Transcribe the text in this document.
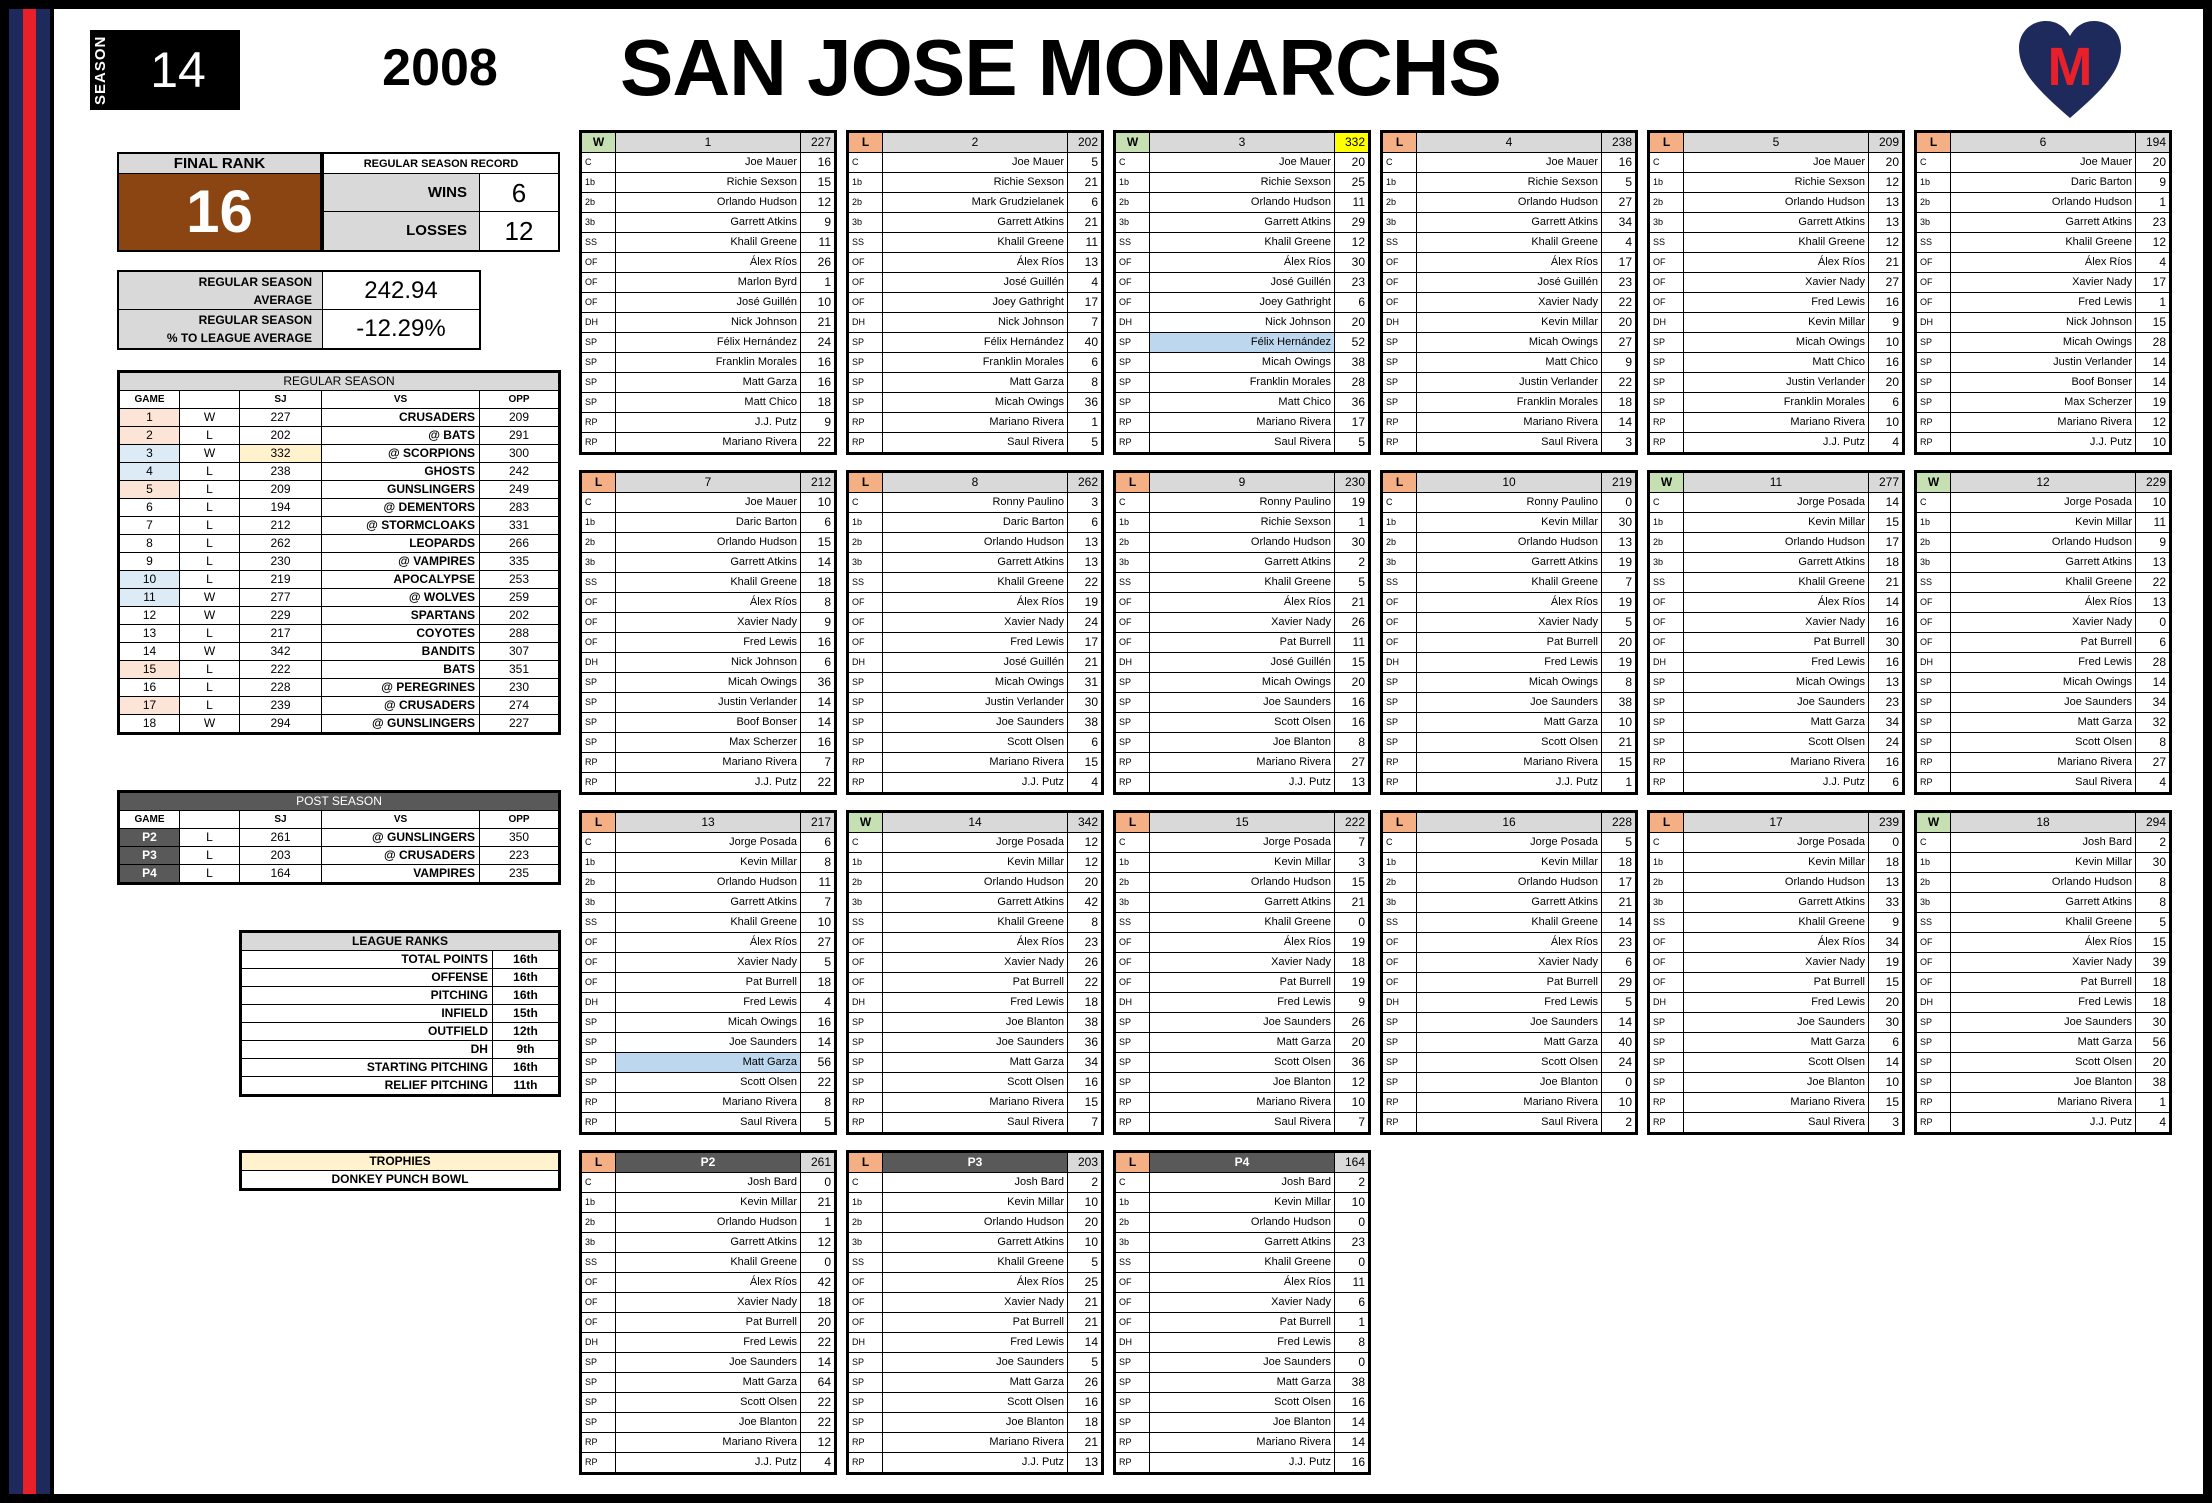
SEASON 14	2008 SAN JOSE MONARCHS	M
FINAL RANK
16
REGULAR SEASON RECORD
WINS	6
LOSSES	12
REGULAR SEASON
AVERAGE	242.94
REGULAR SEASON
% TO LEAGUE AVERAGE	-12.29%
REGULAR SEASON				
GAME		SJ	VS	OPP
1	W	227	CRUSADERS	209
2	L	202	@ BATS	291
3	W	332	@ SCORPIONS	300
4	L	238	GHOSTS	242
5	L	209	GUNSLINGERS	249
6	L	194	@ DEMENTORS	283
7	L	212	@ STORMCLOAKS	331
8	L	262	LEOPARDS	266
9	L	230	@ VAMPIRES	335
10	L	219	APOCALYPSE	253
11	W	277	@ WOLVES	259
12	W	229	SPARTANS	202
13	L	217	COYOTES	288
14	W	342	BANDITS	307
15	L	222	BATS	351
16	L	228	@ PEREGRINES	230
17	L	239	@ CRUSADERS	274
18	W	294	@ GUNSLINGERS	227
POST SEASON				
GAME		SJ	VS	OPP
P2	L	261	@ GUNSLINGERS	350
P3	L	203	@ CRUSADERS	223
P4	L	164	VAMPIRES	235
LEAGUE RANKS	
TOTAL POINTS	16th
OFFENSE	16th
PITCHING	16th
INFIELD	15th
OUTFIELD	12th
DH	9th
STARTING PITCHING	16th
RELIEF PITCHING	11th
TROPHIES
DONKEY PUNCH BOWL
W	1	227
C	Joe Mauer	16
1b	Richie Sexson	15
2b	Orlando Hudson	12
3b	Garrett Atkins	9
SS	Khalil Greene	11
OF	Álex Ríos	26
OF	Marlon Byrd	1
OF	José Guillén	10
DH	Nick Johnson	21
SP	Félix Hernández	24
SP	Franklin Morales	16
SP	Matt Garza	16
SP	Matt Chico	18
RP	J.J. Putz	9
RP	Mariano Rivera	22
L	2	202
C	Joe Mauer	5
1b	Richie Sexson	21
2b	Mark Grudzielanek	6
3b	Garrett Atkins	21
SS	Khalil Greene	11
OF	Álex Ríos	13
OF	José Guillén	4
OF	Joey Gathright	17
DH	Nick Johnson	7
SP	Félix Hernández	40
SP	Franklin Morales	6
SP	Matt Garza	8
SP	Micah Owings	36
RP	Mariano Rivera	1
RP	Saul Rivera	5
W	3	332
C	Joe Mauer	20
1b	Richie Sexson	25
2b	Orlando Hudson	11
3b	Garrett Atkins	29
SS	Khalil Greene	12
OF	Álex Ríos	30
OF	José Guillén	23
OF	Joey Gathright	6
DH	Nick Johnson	20
SP	Félix Hernández	52
SP	Micah Owings	38
SP	Franklin Morales	28
SP	Matt Chico	36
RP	Mariano Rivera	17
RP	Saul Rivera	5
L	4	238
C	Joe Mauer	16
1b	Richie Sexson	5
2b	Orlando Hudson	27
3b	Garrett Atkins	34
SS	Khalil Greene	4
OF	Álex Ríos	17
OF	José Guillén	23
OF	Xavier Nady	22
DH	Kevin Millar	20
SP	Micah Owings	27
SP	Matt Chico	9
SP	Justin Verlander	22
SP	Franklin Morales	18
RP	Mariano Rivera	14
RP	Saul Rivera	3
L	5	209
C	Joe Mauer	20
1b	Richie Sexson	12
2b	Orlando Hudson	13
3b	Garrett Atkins	13
SS	Khalil Greene	12
OF	Álex Ríos	21
OF	Xavier Nady	27
OF	Fred Lewis	16
DH	Kevin Millar	9
SP	Micah Owings	10
SP	Matt Chico	16
SP	Justin Verlander	20
SP	Franklin Morales	6
RP	Mariano Rivera	10
RP	J.J. Putz	4
L	6	194
C	Joe Mauer	20
1b	Daric Barton	9
2b	Orlando Hudson	1
3b	Garrett Atkins	23
SS	Khalil Greene	12
OF	Álex Ríos	4
OF	Xavier Nady	17
OF	Fred Lewis	1
DH	Nick Johnson	15
SP	Micah Owings	28
SP	Justin Verlander	14
SP	Boof Bonser	14
SP	Max Scherzer	19
RP	Mariano Rivera	12
RP	J.J. Putz	10
L	7	212
C	Joe Mauer	10
1b	Daric Barton	6
2b	Orlando Hudson	15
3b	Garrett Atkins	14
SS	Khalil Greene	18
OF	Álex Ríos	8
OF	Xavier Nady	9
OF	Fred Lewis	16
DH	Nick Johnson	6
SP	Micah Owings	36
SP	Justin Verlander	14
SP	Boof Bonser	14
SP	Max Scherzer	16
RP	Mariano Rivera	7
RP	J.J. Putz	22
L	8	262
C	Ronny Paulino	3
1b	Daric Barton	6
2b	Orlando Hudson	13
3b	Garrett Atkins	13
SS	Khalil Greene	22
OF	Álex Ríos	19
OF	Xavier Nady	24
OF	Fred Lewis	17
DH	José Guillén	21
SP	Micah Owings	31
SP	Justin Verlander	30
SP	Joe Saunders	38
SP	Scott Olsen	6
RP	Mariano Rivera	15
RP	J.J. Putz	4
L	9	230
C	Ronny Paulino	19
1b	Richie Sexson	1
2b	Orlando Hudson	30
3b	Garrett Atkins	2
SS	Khalil Greene	5
OF	Álex Ríos	21
OF	Xavier Nady	26
OF	Pat Burrell	11
DH	José Guillén	15
SP	Micah Owings	20
SP	Joe Saunders	16
SP	Scott Olsen	16
SP	Joe Blanton	8
RP	Mariano Rivera	27
RP	J.J. Putz	13
L	10	219
C	Ronny Paulino	0
1b	Kevin Millar	30
2b	Orlando Hudson	13
3b	Garrett Atkins	19
SS	Khalil Greene	7
OF	Álex Ríos	19
OF	Xavier Nady	5
OF	Pat Burrell	20
DH	Fred Lewis	19
SP	Micah Owings	8
SP	Joe Saunders	38
SP	Matt Garza	10
SP	Scott Olsen	21
RP	Mariano Rivera	15
RP	J.J. Putz	1
W	11	277
C	Jorge Posada	14
1b	Kevin Millar	15
2b	Orlando Hudson	17
3b	Garrett Atkins	18
SS	Khalil Greene	21
OF	Álex Ríos	14
OF	Xavier Nady	16
OF	Pat Burrell	30
DH	Fred Lewis	16
SP	Micah Owings	13
SP	Joe Saunders	23
SP	Matt Garza	34
SP	Scott Olsen	24
RP	Mariano Rivera	16
RP	J.J. Putz	6
W	12	229
C	Jorge Posada	10
1b	Kevin Millar	11
2b	Orlando Hudson	9
3b	Garrett Atkins	13
SS	Khalil Greene	22
OF	Álex Ríos	13
OF	Xavier Nady	0
OF	Pat Burrell	6
DH	Fred Lewis	28
SP	Micah Owings	14
SP	Joe Saunders	34
SP	Matt Garza	32
SP	Scott Olsen	8
RP	Mariano Rivera	27
RP	Saul Rivera	4
L	13	217
C	Jorge Posada	6
1b	Kevin Millar	8
2b	Orlando Hudson	11
3b	Garrett Atkins	7
SS	Khalil Greene	10
OF	Álex Ríos	27
OF	Xavier Nady	5
OF	Pat Burrell	18
DH	Fred Lewis	4
SP	Micah Owings	16
SP	Joe Saunders	14
SP	Matt Garza	56
SP	Scott Olsen	22
RP	Mariano Rivera	8
RP	Saul Rivera	5
W	14	342
C	Jorge Posada	12
1b	Kevin Millar	12
2b	Orlando Hudson	20
3b	Garrett Atkins	42
SS	Khalil Greene	8
OF	Álex Ríos	23
OF	Xavier Nady	26
OF	Pat Burrell	22
DH	Fred Lewis	18
SP	Joe Blanton	38
SP	Joe Saunders	36
SP	Matt Garza	34
SP	Scott Olsen	16
RP	Mariano Rivera	15
RP	Saul Rivera	7
L	15	222
C	Jorge Posada	7
1b	Kevin Millar	3
2b	Orlando Hudson	15
3b	Garrett Atkins	21
SS	Khalil Greene	0
OF	Álex Ríos	19
OF	Xavier Nady	18
OF	Pat Burrell	19
DH	Fred Lewis	9
SP	Joe Saunders	26
SP	Matt Garza	20
SP	Scott Olsen	36
SP	Joe Blanton	12
RP	Mariano Rivera	10
RP	Saul Rivera	7
L	16	228
C	Jorge Posada	5
1b	Kevin Millar	18
2b	Orlando Hudson	17
3b	Garrett Atkins	21
SS	Khalil Greene	14
OF	Álex Ríos	23
OF	Xavier Nady	6
OF	Pat Burrell	29
DH	Fred Lewis	5
SP	Joe Saunders	14
SP	Matt Garza	40
SP	Scott Olsen	24
SP	Joe Blanton	0
RP	Mariano Rivera	10
RP	Saul Rivera	2
L	17	239
C	Jorge Posada	0
1b	Kevin Millar	18
2b	Orlando Hudson	13
3b	Garrett Atkins	33
SS	Khalil Greene	9
OF	Álex Ríos	34
OF	Xavier Nady	19
OF	Pat Burrell	15
DH	Fred Lewis	20
SP	Joe Saunders	30
SP	Matt Garza	6
SP	Scott Olsen	14
SP	Joe Blanton	10
RP	Mariano Rivera	15
RP	Saul Rivera	3
W	18	294
C	Josh Bard	2
1b	Kevin Millar	30
2b	Orlando Hudson	8
3b	Garrett Atkins	8
SS	Khalil Greene	5
OF	Álex Ríos	15
OF	Xavier Nady	39
OF	Pat Burrell	18
DH	Fred Lewis	18
SP	Joe Saunders	30
SP	Matt Garza	56
SP	Scott Olsen	20
SP	Joe Blanton	38
RP	Mariano Rivera	1
RP	J.J. Putz	4
L	P2	261
C	Josh Bard	0
1b	Kevin Millar	21
2b	Orlando Hudson	1
3b	Garrett Atkins	12
SS	Khalil Greene	0
OF	Álex Ríos	42
OF	Xavier Nady	18
OF	Pat Burrell	20
DH	Fred Lewis	22
SP	Joe Saunders	14
SP	Matt Garza	64
SP	Scott Olsen	22
SP	Joe Blanton	22
RP	Mariano Rivera	12
RP	J.J. Putz	4
L	P3	203
C	Josh Bard	2
1b	Kevin Millar	10
2b	Orlando Hudson	20
3b	Garrett Atkins	10
SS	Khalil Greene	5
OF	Álex Ríos	25
OF	Xavier Nady	21
OF	Pat Burrell	21
DH	Fred Lewis	14
SP	Joe Saunders	5
SP	Matt Garza	26
SP	Scott Olsen	16
SP	Joe Blanton	18
RP	Mariano Rivera	21
RP	J.J. Putz	13
L	P4	164
C	Josh Bard	2
1b	Kevin Millar	10
2b	Orlando Hudson	0
3b	Garrett Atkins	23
SS	Khalil Greene	0
OF	Álex Ríos	11
OF	Xavier Nady	6
OF	Pat Burrell	1
DH	Fred Lewis	8
SP	Joe Saunders	0
SP	Matt Garza	38
SP	Scott Olsen	16
SP	Joe Blanton	14
RP	Mariano Rivera	14
RP	J.J. Putz	16
